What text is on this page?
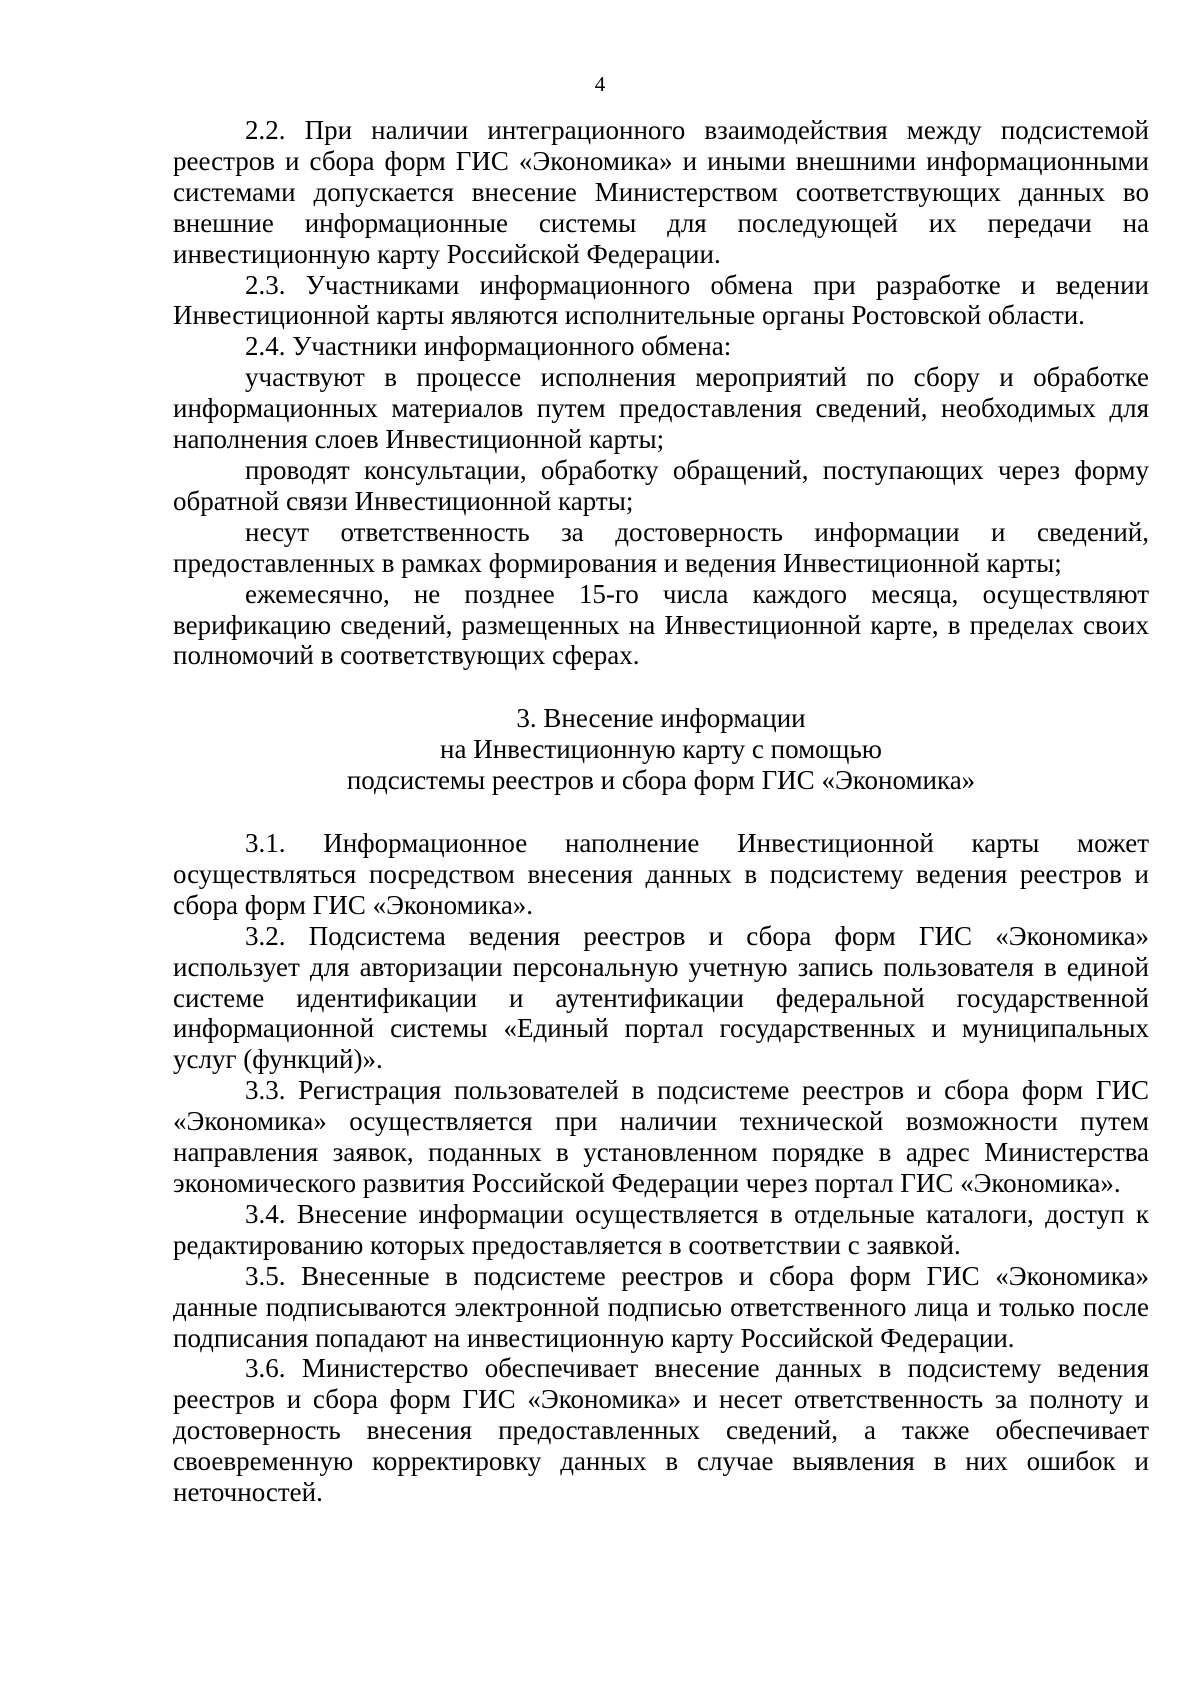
4

2.2. При наличии интеграционного взаимодействия между подсистемой реестров и сбора форм ГИС «Экономика» и иными внешними информационными системами допускается внесение Министерством соответствующих данных во внешние информационные системы для последующей их передачи на инвестиционную карту Российской Федерации.

2.3. Участниками информационного обмена при разработке и ведении Инвестиционной карты являются исполнительные органы Ростовской области.

2.4. Участники информационного обмена:

участвуют в процессе исполнения мероприятий по сбору и обработке информационных материалов путем предоставления сведений, необходимых для наполнения слоев Инвестиционной карты;

проводят консультации, обработку обращений, поступающих через форму обратной связи Инвестиционной карты;

несут ответственность за достоверность информации и сведений, предоставленных в рамках формирования и ведения Инвестиционной карты;

ежемесячно, не позднее 15-го числа каждого месяца, осуществляют верификацию сведений, размещенных на Инвестиционной карте, в пределах своих полномочий в соответствующих сферах.

3. Внесение информации
на Инвестиционную карту с помощью
подсистемы реестров и сбора форм ГИС «Экономика»

3.1. Информационное наполнение Инвестиционной карты может осуществляться посредством внесения данных в подсистему ведения реестров и сбора форм ГИС «Экономика».

3.2. Подсистема ведения реестров и сбора форм ГИС «Экономика» использует для авторизации персональную учетную запись пользователя в единой системе идентификации и аутентификации федеральной государственной информационной системы «Единый портал государственных и муниципальных услуг (функций)».

3.3. Регистрация пользователей в подсистеме реестров и сбора форм ГИС «Экономика» осуществляется при наличии технической возможности путем направления заявок, поданных в установленном порядке в адрес Министерства экономического развития Российской Федерации через портал ГИС «Экономика».

3.4. Внесение информации осуществляется в отдельные каталоги, доступ к редактированию которых предоставляется в соответствии с заявкой.

3.5. Внесенные в подсистеме реестров и сбора форм ГИС «Экономика» данные подписываются электронной подписью ответственного лица и только после подписания попадают на инвестиционную карту Российской Федерации.

3.6. Министерство обеспечивает внесение данных в подсистему ведения реестров и сбора форм ГИС «Экономика» и несет ответственность за полноту и достоверность внесения предоставленных сведений, а также обеспечивает своевременную корректировку данных в случае выявления в них ошибок и неточностей.
